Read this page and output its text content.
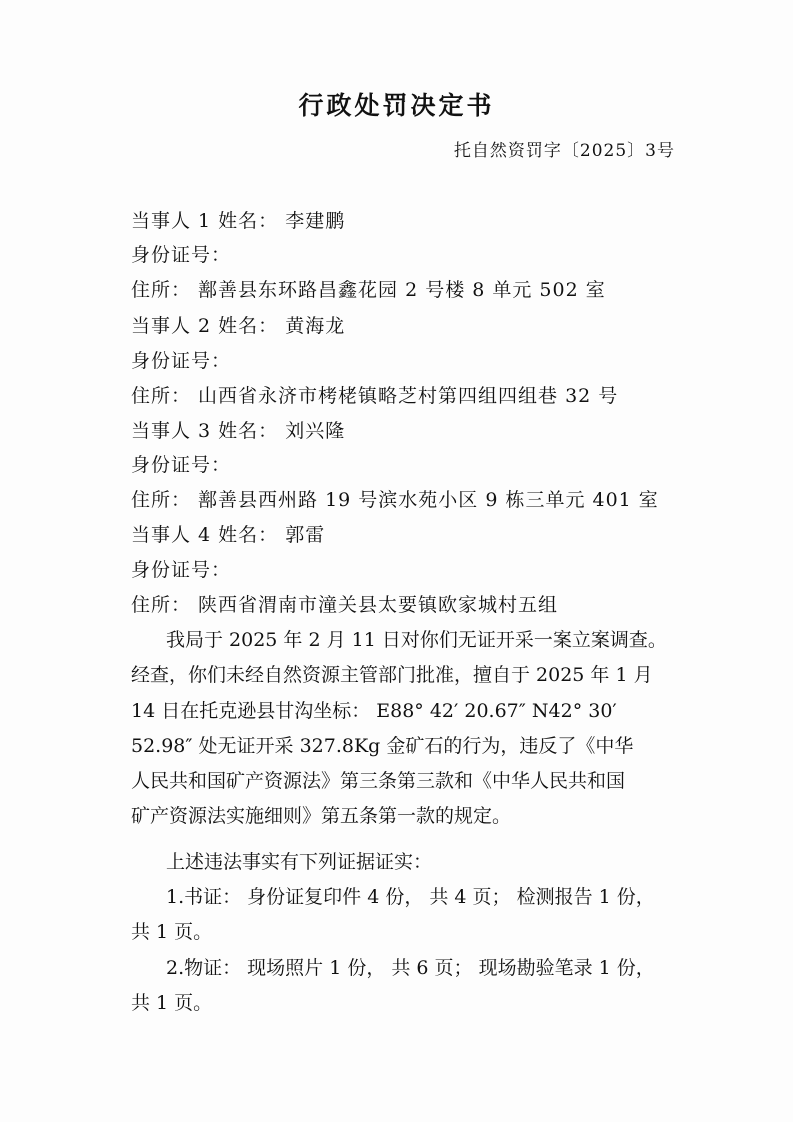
行政处罚决定书
托自然资罚字〔2025〕3号
当事人 1 姓名： 李建鹏
身份证号：
住所： 鄯善县东环路昌鑫花园 2 号楼 8 单元 502 室
当事人 2 姓名： 黄海龙
身份证号：
住所： 山西省永济市栲栳镇略芝村第四组四组巷 32 号
当事人 3 姓名： 刘兴隆
身份证号：
住所： 鄯善县西州路 19 号滨水苑小区 9 栋三单元 401 室
当事人 4 姓名： 郭雷
身份证号：
住所： 陕西省渭南市潼关县太要镇欧家城村五组
我局于 2025 年 2 月 11 日对你们无证开采一案立案调查。
经查，你们未经自然资源主管部门批准，擅自于 2025 年 1 月
14 日在托克逊县甘沟坐标： E88° 42′ 20.67″ N42° 30′
52.98″ 处无证开采 327.8Kg 金矿石的行为，违反了《中华
人民共和国矿产资源法》第三条第三款和《中华人民共和国
矿产资源法实施细则》第五条第一款的规定。
上述违法事实有下列证据证实：
1.书证： 身份证复印件 4 份， 共 4 页； 检测报告 1 份，
共 1 页。
2.物证： 现场照片 1 份， 共 6 页； 现场勘验笔录 1 份，
共 1 页。
